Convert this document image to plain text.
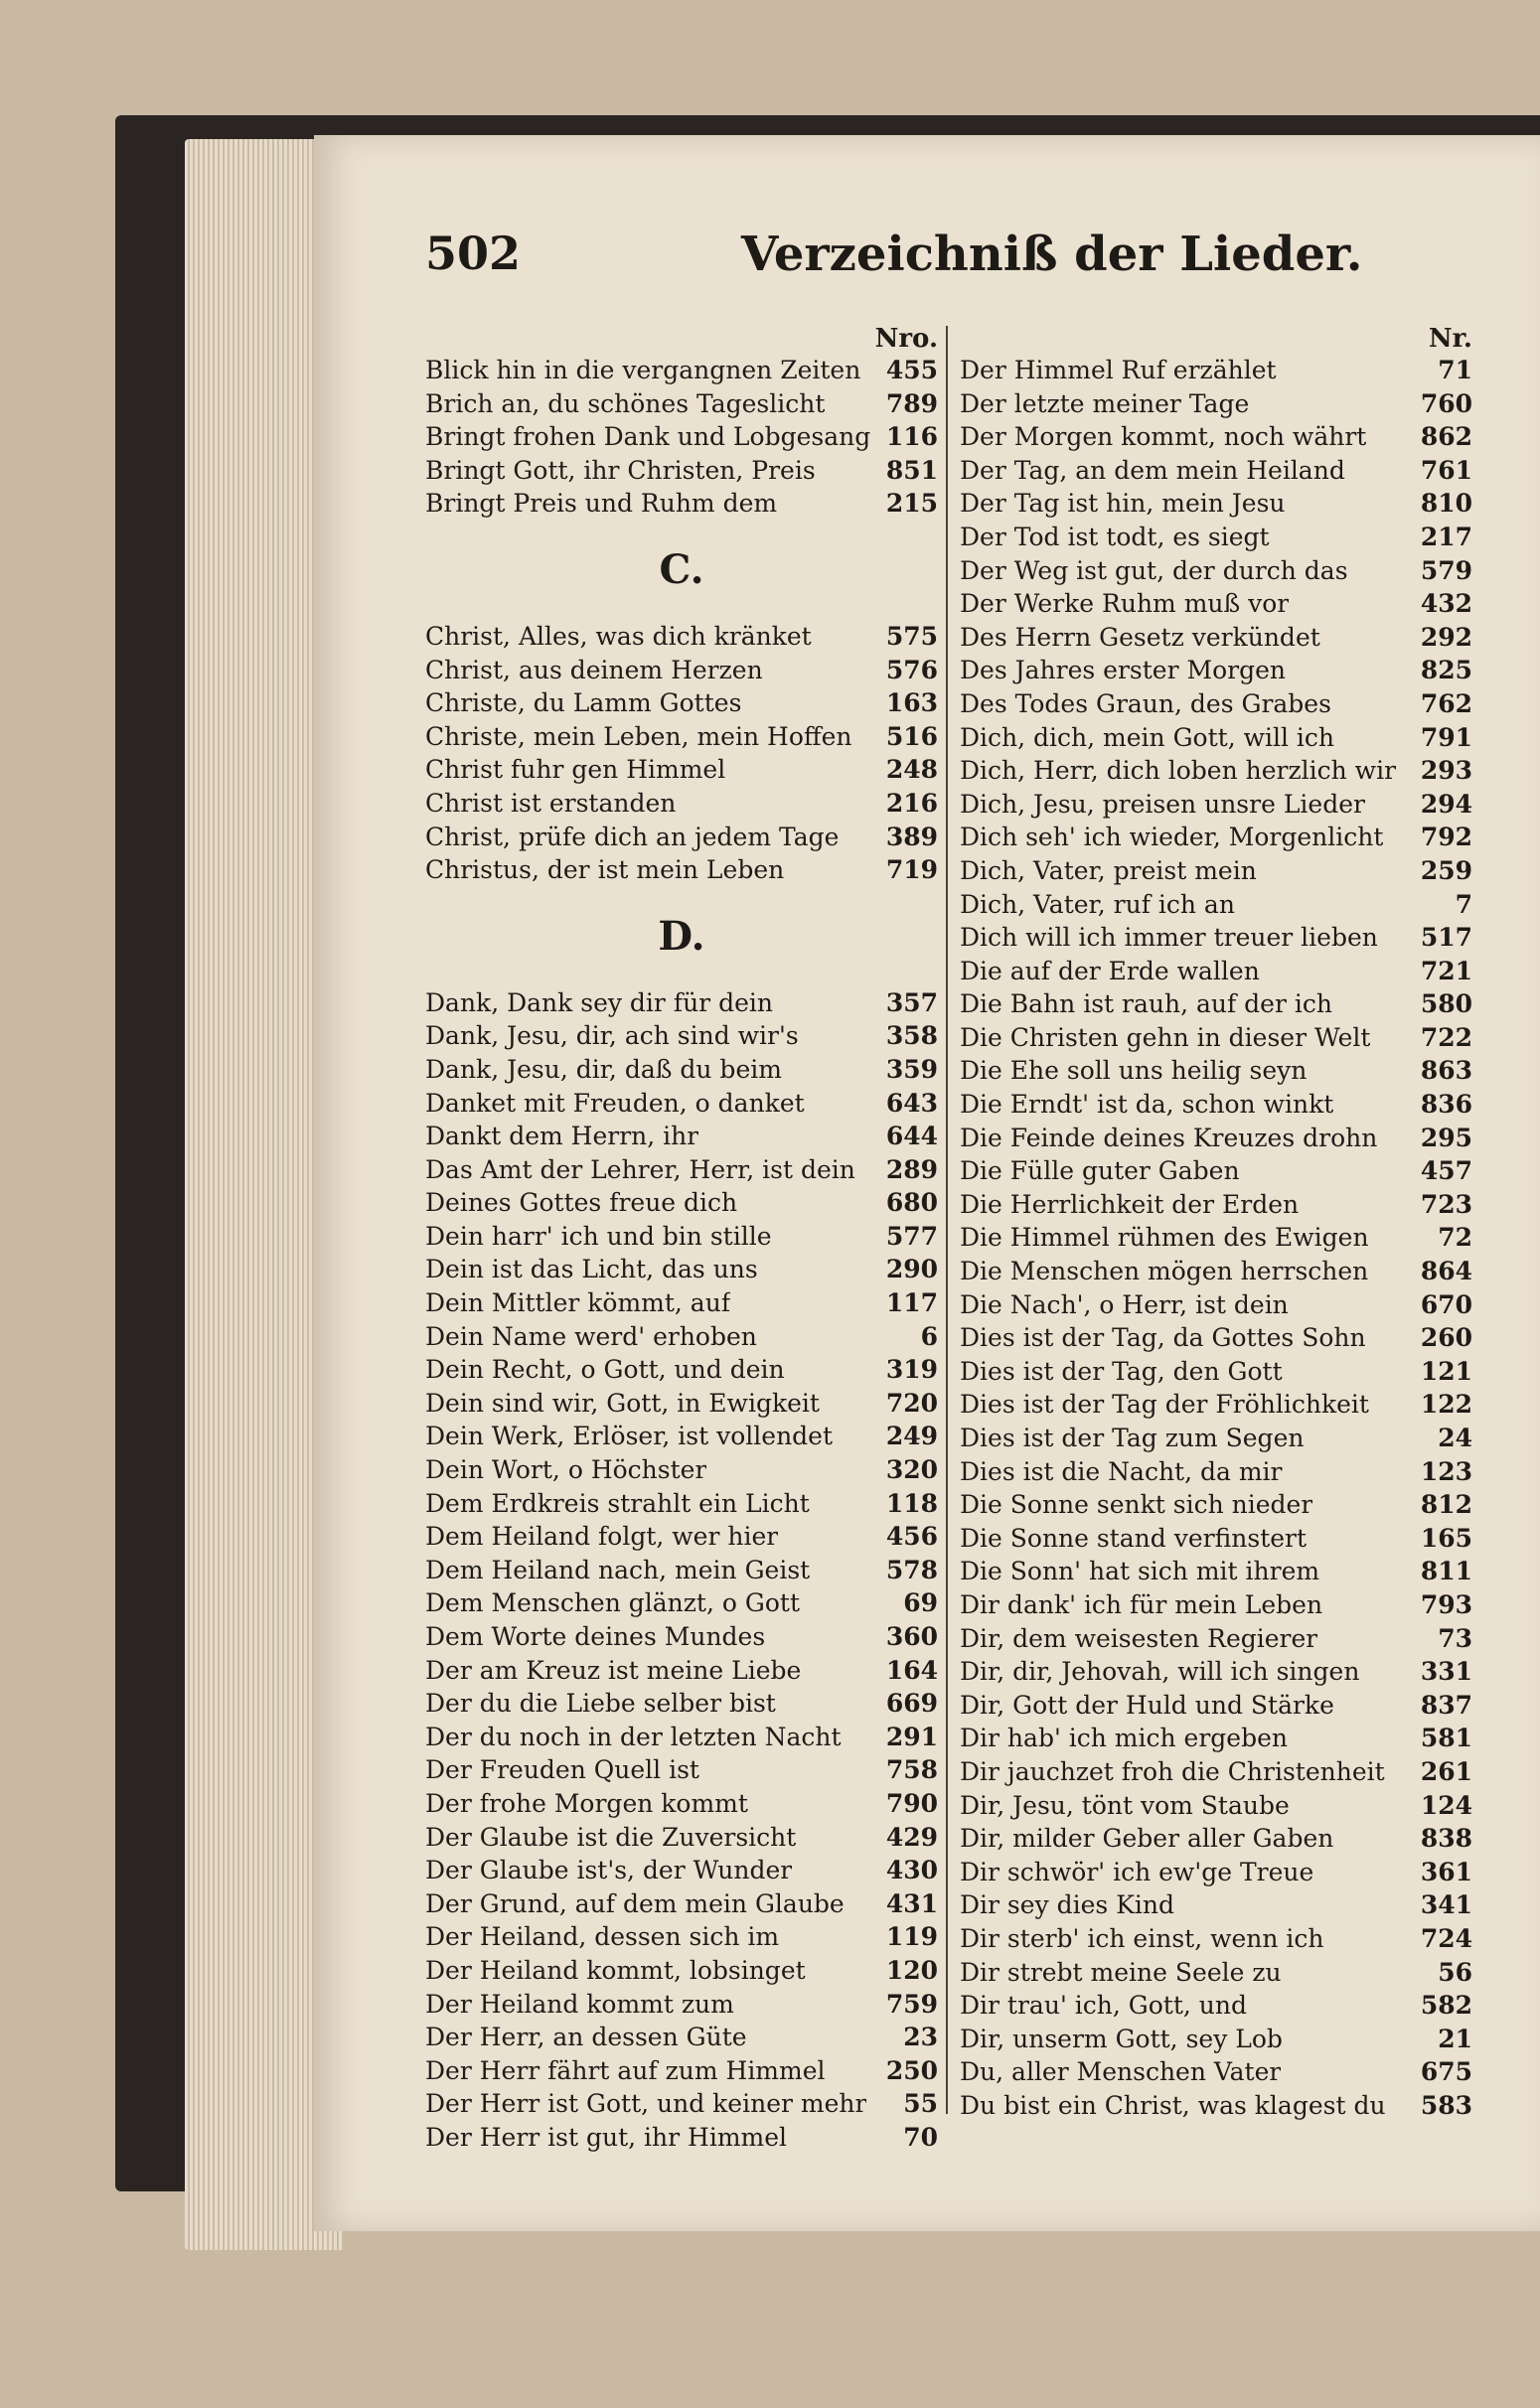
502	Verzeichniß der Lieder.
Nro.
Blick hin in die vergangnen Zeiten 455
Brich an, du schönes Tageslicht 789
Bringt frohen Dank und Lobgesang 116
Bringt Gott, ihr Christen, Preis	851
Bringt Preis und Ruhm dem	215
C.
Christ, Alles, was dich kränket	575
Christ, aus deinem Herzen	576
Christe, du Lamm Gottes	163
Christe, mein Leben, mein Hoffen 516
Christ fuhr gen Himmel	248
Christ ist erstanden	216
Christ, prüfe dich an jedem Tage 389
Christus, der ist mein Leben	719
D.
Dank, Dank sey dir für dein	357
Dank, Jesu, dir, ach sind wir's	358
Dank, Jesu, dir, daß du beim	359
Danket mit Freuden, o danket	643
Dankt dem Herrn, ihr	644
Das Amt der Lehrer, Herr, ist dein 289
Deines Gottes freue dich	680
Dein harr' ich und bin stille	577
Dein ist das Licht, das uns	290
Dein Mittler kömmt, auf	117
Dein Name werd' erhoben	6
Dein Recht, o Gott, und dein	319
Dein sind wir, Gott, in Ewigkeit	720
Dein Werk, Erlöser, ist vollendet 249
Dein Wort, o Höchster	320
Dem Erdkreis strahlt ein Licht	118
Dem Heiland folgt, wer hier	456
Dem Heiland nach, mein Geist	578
Dem Menschen glänzt, o Gott	69
Dem Worte deines Mundes	360
Der am Kreuz ist meine Liebe	164
Der du die Liebe selber bist	669
Der du noch in der letzten Nacht 291
Der Freuden Quell ist	758
Der frohe Morgen kommt	790
Der Glaube ist die Zuversicht	429
Der Glaube ist's, der Wunder	430
Der Grund, auf dem mein Glaube 431
Der Heiland, dessen sich im	119
Der Heiland kommt, lobsinget	120
Der Heiland kommt zum	759
Der Herr, an dessen Güte	23
Der Herr fährt auf zum Himmel 250
Der Herr ist Gott, und keiner mehr 55
Der Herr ist gut, ihr Himmel	70
Nr.
Der Himmel Ruf erzählet	71
Der letzte meiner Tage	760
Der Morgen kommt, noch währt 862
Der Tag, an dem mein Heiland	761
Der Tag ist hin, mein Jesu	810
Der Tod ist todt, es siegt	217
Der Weg ist gut, der durch das	579
Der Werke Ruhm muß vor	432
Des Herrn Gesetz verkündet	292
Des Jahres erster Morgen	825
Des Todes Graun, des Grabes	762
Dich, dich, mein Gott, will ich	791
Dich, Herr, dich loben herzlich wir 293
Dich, Jesu, preisen unsre Lieder 294
Dich seh' ich wieder, Morgenlicht 792
Dich, Vater, preist mein	259
Dich, Vater, ruf ich an	7
Dich will ich immer treuer lieben 517
Die auf der Erde wallen	721
Die Bahn ist rauh, auf der ich	580
Die Christen gehn in dieser Welt 722
Die Ehe soll uns heilig seyn	863
Die Erndt' ist da, schon winkt	836
Die Feinde deines Kreuzes drohn 295
Die Fülle guter Gaben	457
Die Herrlichkeit der Erden	723
Die Himmel rühmen des Ewigen	72
Die Menschen mögen herrschen 864
Die Nach', o Herr, ist dein	670
Dies ist der Tag, da Gottes Sohn 260
Dies ist der Tag, den Gott	121
Dies ist der Tag der Fröhlichkeit 122
Dies ist der Tag zum Segen	24
Dies ist die Nacht, da mir	123
Die Sonne senkt sich nieder	812
Die Sonne stand verfinstert	165
Die Sonn' hat sich mit ihrem	811
Dir dank' ich für mein Leben	793
Dir, dem weisesten Regierer	73
Dir, dir, Jehovah, will ich singen 331
Dir, Gott der Huld und Stärke	837
Dir hab' ich mich ergeben	581
Dir jauchzet froh die Christenheit 261
Dir, Jesu, tönt vom Staube	124
Dir, milder Geber aller Gaben	838
Dir schwör' ich ew'ge Treue	361
Dir sey dies Kind	341
Dir sterb' ich einst, wenn ich	724
Dir strebt meine Seele zu	56
Dir trau' ich, Gott, und	582
Dir, unserm Gott, sey Lob	21
Du, aller Menschen Vater	675
Du bist ein Christ, was klagest du 583
